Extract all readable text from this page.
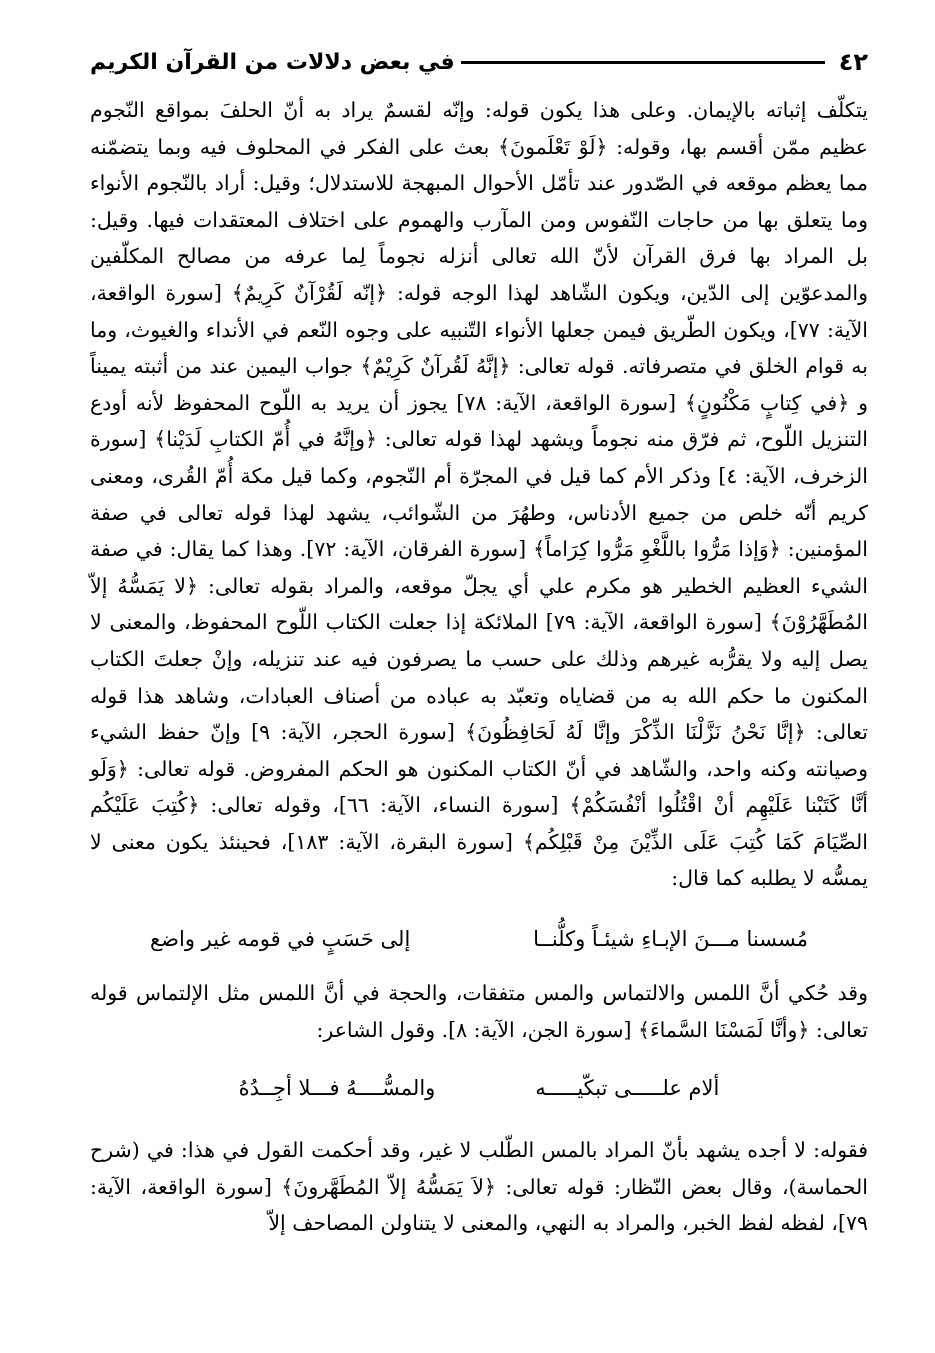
٤٢
في بعض دلالات من القرآن الكريم

يتكلّف إثباته بالإيمان. وعلى هذا يكون قوله: وإنّه لقسمٌ يراد به أنّ الحلفَ بمواقع النّجوم عظيم ممّن أقسم بها، وقوله: ﴿لَوْ تَعْلَمونَ﴾ بعث على الفكر في المحلوف فيه وبما يتضمّنه مما يعظم موقعه في الصّدور عند تأمّل الأحوال المبهجة للاستدلال؛ وقيل: أراد بالنّجوم الأنواء وما يتعلق بها من حاجات النّفوس ومن المآرب والهموم على اختلاف المعتقدات فيها. وقيل: بل المراد بها فرق القرآن لأنّ الله تعالى أنزله نجوماً لِما عرفه من مصالح المكلّفين والمدعوّين إلى الدّين، ويكون الشّاهد لهذا الوجه قوله: ﴿إنّه لَقُرْآنٌ كَرِيمٌ﴾ [سورة الواقعة، الآية: ٧٧]، ويكون الطّريق فيمن جعلها الأنواء التّنبيه على وجوه النّعم في الأنداء والغيوث، وما به قوام الخلق في متصرفاته. قوله تعالى: ﴿إنَّهُ لَقُرآنٌ كَرِيْمٌ﴾ جواب اليمين عند من أثبته يميناً و ﴿في كِتابٍ مَكْنُونٍ﴾ [سورة الواقعة، الآية: ٧٨] يجوز أن يريد به اللّوح المحفوظ لأنه أودع التنزيل اللّوح، ثم فرّق منه نجوماً ويشهد لهذا قوله تعالى: ﴿وإنَّهُ في أُمّ الكتابِ لَدَيْنا﴾ [سورة الزخرف، الآية: ٤] وذكر الأم كما قيل في المجرّة أم النّجوم، وكما قيل مكة أُمّ القُرى، ومعنى كريم أنّه خلص من جميع الأدناس، وطهُرَ من الشّوائب، يشهد لهذا قوله تعالى في صفة المؤمنين: ﴿وَإذا مَرُّوا باللَّغْوِ مَرُّوا كِرَاماً﴾ [سورة الفرقان، الآية: ٧٢]. وهذا كما يقال: في صفة الشيء العظيم الخطير هو مكرم علي أي يجلّ موقعه، والمراد بقوله تعالى: ﴿لا يَمَسُّهُ إلاّ المُطَهَّرُوْنَ﴾ [سورة الواقعة، الآية: ٧٩] الملائكة إذا جعلت الكتاب اللّوح المحفوظ، والمعنى لا يصل إليه ولا يقرُّبه غيرهم وذلك على حسب ما يصرفون فيه عند تنزيله، وإنْ جعلتَ الكتاب المكنون ما حكم الله به من قضاياه وتعبّد به عباده من أصناف العبادات، وشاهد هذا قوله تعالى: ﴿إنَّا نَحْنُ نَزَّلْنَا الذِّكْرَ وإنَّا لَهُ لَحَافِظُونَ﴾ [سورة الحجر، الآية: ٩] وإنّ حفظ الشيء وصيانته وكنه واحد، والشّاهد في أنّ الكتاب المكنون هو الحكم المفروض. قوله تعالى: ﴿وَلَو أنَّا كَتَبْنا عَلَيْهِم أنْ اقْتُلُوا أنْفُسَكُمْ﴾ [سورة النساء، الآية: ٦٦]، وقوله تعالى: ﴿كُتِبَ عَلَيْكُم الصِّيَامَ كَمَا كُتِبَ عَلَى الذِّيْنَ مِنْ قَبْلِكُم﴾ [سورة البقرة، الآية: ١٨٣]، فحينئذ يكون معنى لا يمسُّه لا يطلبه كما قال:

مُسسنا مـــنَ الإبـاءِ شيئـاً وكلُّنــا
إلى حَسَبٍ في قومه غير واضع

وقد حُكي أنَّ اللمس والالتماس والمس متفقات، والحجة في أنَّ اللمس مثل الإلتماس قوله تعالى: ﴿وأنَّا لَمَسْنَا السَّماءَ﴾ [سورة الجن، الآية: ٨]. وقول الشاعر:

ألام علـــــى تبكّيـــــه
والمسُّــــهُ فـــلا أجِــدُهُ

فقوله: لا أجده يشهد بأنّ المراد بالمس الطّلب لا غير، وقد أحكمت القول في هذا: في (شرح الحماسة)، وقال بعض النّظار: قوله تعالى: ﴿لاَ يَمَسُّهُ إلاّ المُطَهَّرونَ﴾ [سورة الواقعة، الآية: ٧٩]، لفظه لفظ الخبر، والمراد به النهي، والمعنى لا يتناولن المصاحف إلاّ
